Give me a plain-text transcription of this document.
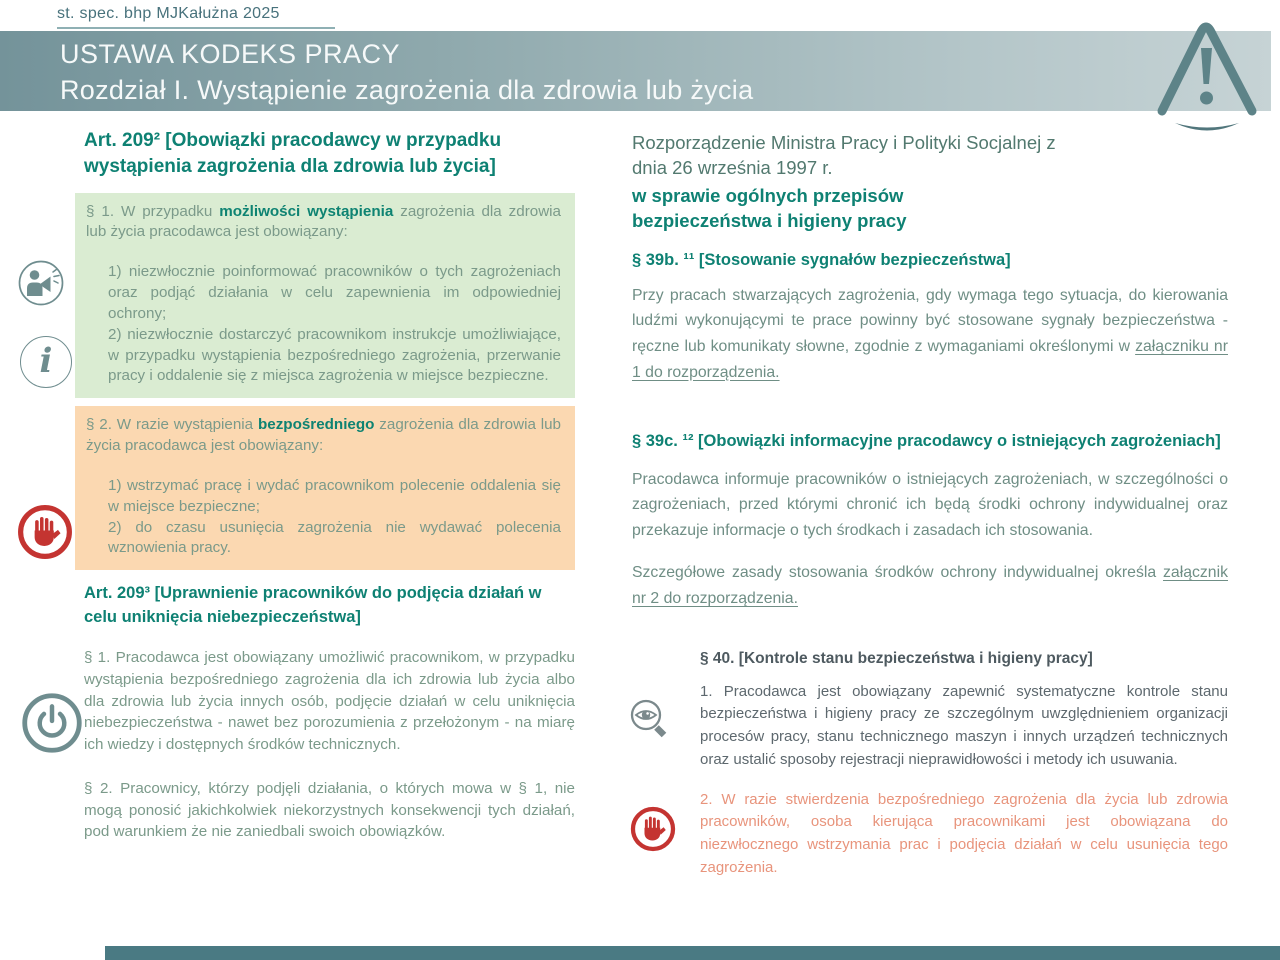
st. spec. bhp MJKałużna 2025
USTAWA KODEKS PRACY
Rozdział I. Wystąpienie zagrożenia dla zdrowia lub życia
Art. 209² [Obowiązki pracodawcy w przypadku wystąpienia zagrożenia dla zdrowia lub życia]

§ 1. W przypadku możliwości wystąpienia zagrożenia dla zdrowia lub życia pracodawca jest obowiązany:

1) niezwłocznie poinformować pracowników o tych zagrożeniach oraz podjąć działania w celu zapewnienia im odpowiedniej ochrony;

2) niezwłocznie dostarczyć pracownikom instrukcje umożliwiające, w przypadku wystąpienia bezpośredniego zagrożenia, przerwanie pracy i oddalenie się z miejsca zagrożenia w miejsce bezpieczne.

§ 2. W razie wystąpienia bezpośredniego zagrożenia dla zdrowia lub życia pracodawca jest obowiązany:

1) wstrzymać pracę i wydać pracownikom polecenie oddalenia się w miejsce bezpieczne;

2) do czasu usunięcia zagrożenia nie wydawać polecenia wznowienia pracy.

Art. 209³ [Uprawnienie pracowników do podjęcia działań w celu uniknięcia niebezpieczeństwa]

§ 1. Pracodawca jest obowiązany umożliwić pracownikom, w przypadku wystąpienia bezpośredniego zagrożenia dla ich zdrowia lub życia albo dla zdrowia lub życia innych osób, podjęcie działań w celu uniknięcia niebezpieczeństwa - nawet bez porozumienia z przełożonym - na miarę ich wiedzy i dostępnych środków technicznych.

§ 2. Pracownicy, którzy podjęli działania, o których mowa w § 1, nie mogą ponosić jakichkolwiek niekorzystnych konsekwencji tych działań, pod warunkiem że nie zaniedbali swoich obowiązków.

i
Rozporządzenie Ministra Pracy i Polityki Socjalnej z dnia 26 września 1997 r.
w sprawie ogólnych przepisów bezpieczeństwa i higieny pracy
§ 39b. ¹¹ [Stosowanie sygnałów bezpieczeństwa]

Przy pracach stwarzających zagrożenia, gdy wymaga tego sytuacja, do kierowania ludźmi wykonującymi te prace powinny być stosowane sygnały bezpieczeństwa - ręczne lub komunikaty słowne, zgodnie z wymaganiami określonymi w załączniku nr 1 do rozporządzenia.

§ 39c. ¹² [Obowiązki informacyjne pracodawcy o istniejących zagrożeniach]

Pracodawca informuje pracowników o istniejących zagrożeniach, w szczególności o zagrożeniach, przed którymi chronić ich będą środki ochrony indywidualnej oraz przekazuje informacje o tych środkach i zasadach ich stosowania.

Szczegółowe zasady stosowania środków ochrony indywidualnej określa załącznik nr 2 do rozporządzenia.

§ 40. [Kontrole stanu bezpieczeństwa i higieny pracy]

1. Pracodawca jest obowiązany zapewnić systematyczne kontrole stanu bezpieczeństwa i higieny pracy ze szczególnym uwzględnieniem organizacji procesów pracy, stanu technicznego maszyn i innych urządzeń technicznych oraz ustalić sposoby rejestracji nieprawidłowości i metody ich usuwania.

2. W razie stwierdzenia bezpośredniego zagrożenia dla życia lub zdrowia pracowników, osoba kierująca pracownikami jest obowiązana do niezwłocznego wstrzymania prac i podjęcia działań w celu usunięcia tego zagrożenia.
